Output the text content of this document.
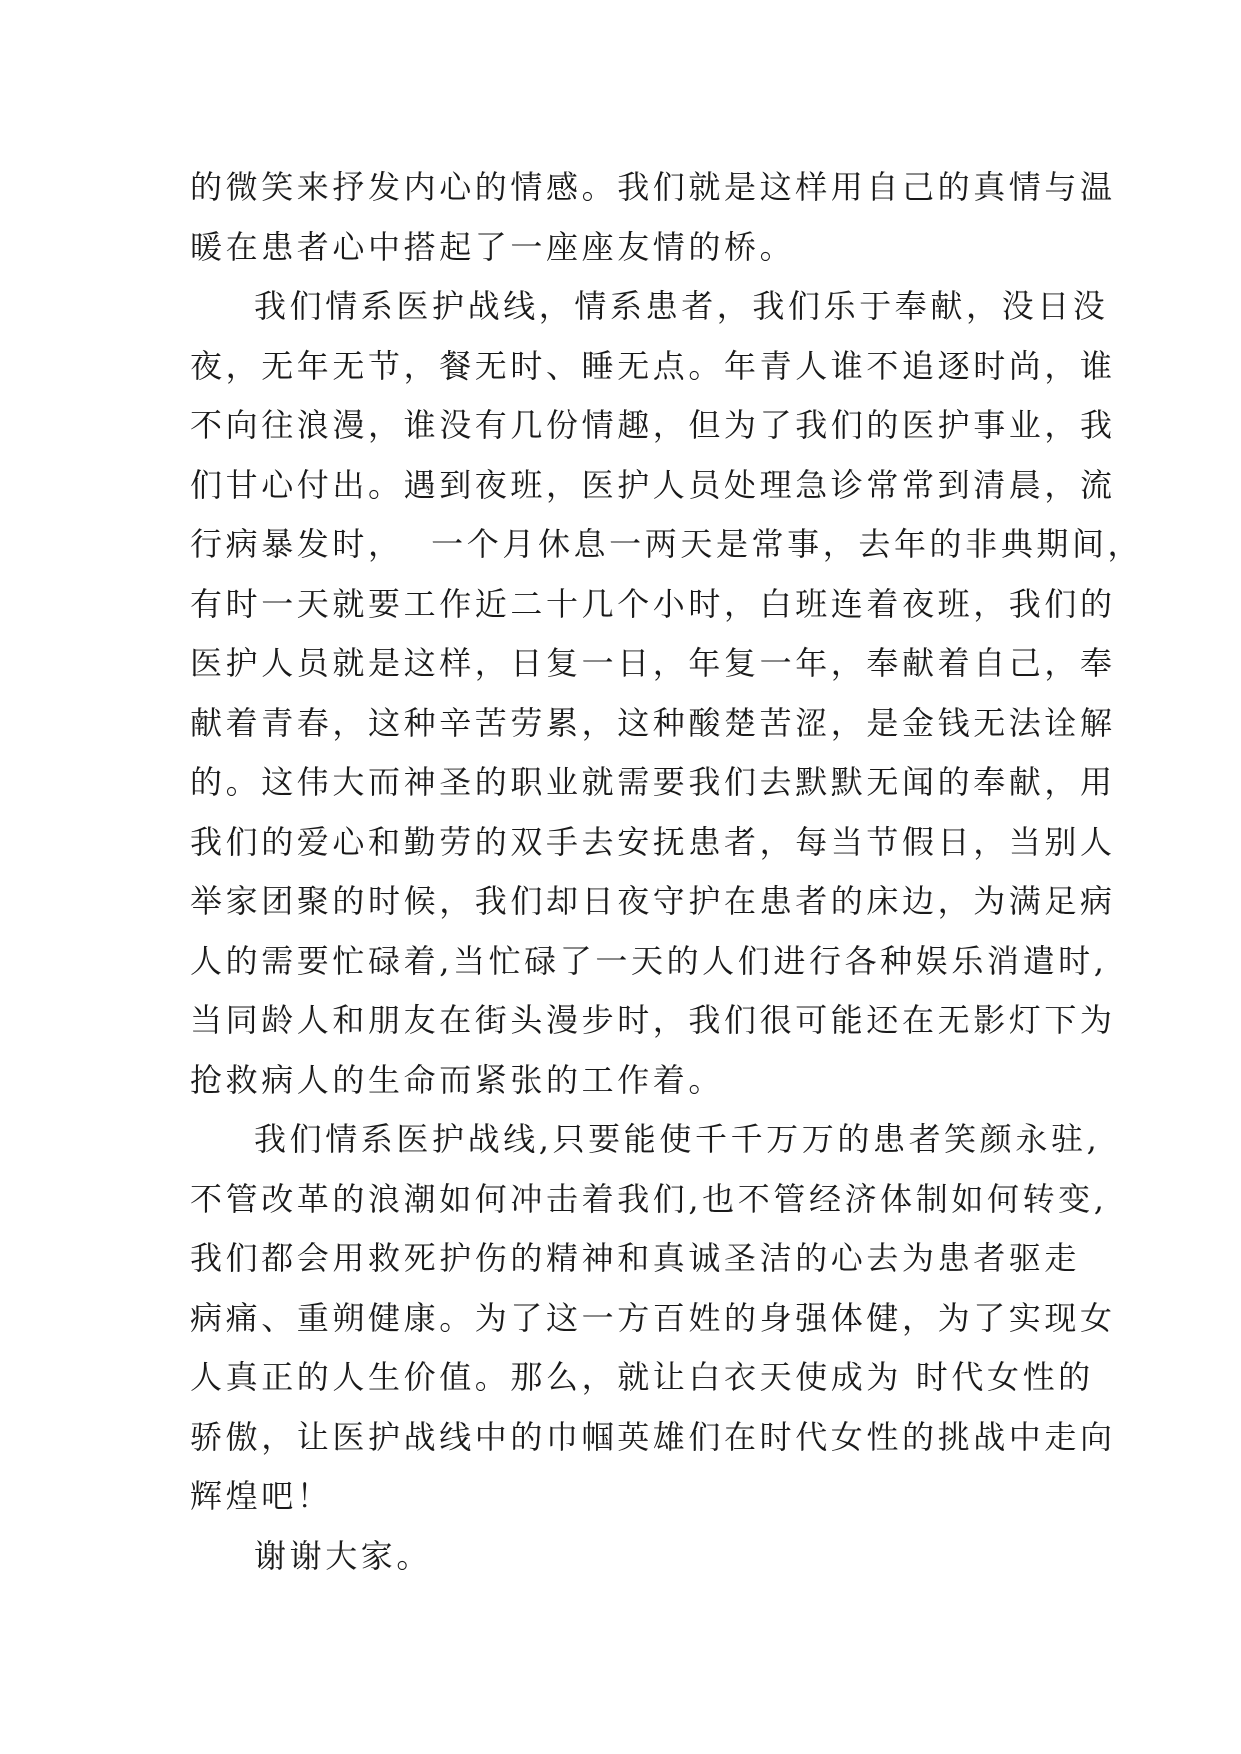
的微笑来抒发内心的情感。我们就是这样用自己的真情与温
暖在患者心中搭起了一座座友情的桥。
我们情系医护战线，情系患者，我们乐于奉献，没日没
夜，无年无节，餐无时、睡无点。年青人谁不追逐时尚，谁
不向往浪漫，谁没有几份情趣，但为了我们的医护事业，我
们甘心付出。遇到夜班，医护人员处理急诊常常到清晨，流
行病暴发时，  一个月休息一两天是常事，去年的非典期间，
有时一天就要工作近二十几个小时，白班连着夜班，我们的
医护人员就是这样，日复一日，年复一年，奉献着自己，奉
献着青春，这种辛苦劳累，这种酸楚苦涩，是金钱无法诠解
的。这伟大而神圣的职业就需要我们去默默无闻的奉献，用
我们的爱心和勤劳的双手去安抚患者，每当节假日，当别人
举家团聚的时候，我们却日夜守护在患者的床边，为满足病
人的需要忙碌着,当忙碌了一天的人们进行各种娱乐消遣时,
当同龄人和朋友在街头漫步时，我们很可能还在无影灯下为
抢救病人的生命而紧张的工作着。
我们情系医护战线,只要能使千千万万的患者笑颜永驻,
不管改革的浪潮如何冲击着我们,也不管经济体制如何转变,
我们都会用救死护伤的精神和真诚圣洁的心去为患者驱走
病痛、重朔健康。为了这一方百姓的身强体健，为了实现女
人真正的人生价值。那么，就让白衣天使成为 时代女性的
骄傲，让医护战线中的巾帼英雄们在时代女性的挑战中走向
辉煌吧！
谢谢大家。
